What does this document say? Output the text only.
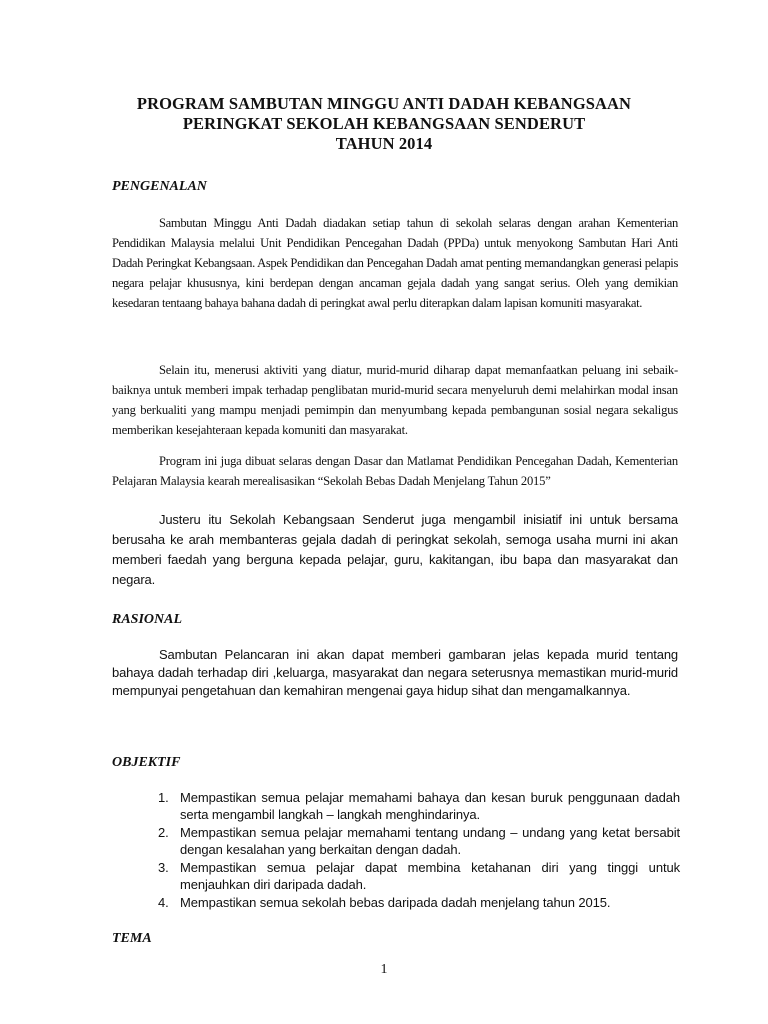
PROGRAM SAMBUTAN MINGGU ANTI DADAH KEBANGSAAN
PERINGKAT SEKOLAH KEBANGSAAN SENDERUT
TAHUN 2014
PENGENALAN

Sambutan Minggu Anti Dadah diadakan setiap tahun di sekolah selaras dengan arahan Kementerian Pendidikan Malaysia melalui Unit Pendidikan Pencegahan Dadah (PPDa) untuk menyokong Sambutan Hari Anti Dadah Peringkat Kebangsaan. Aspek Pendidikan dan Pencegahan Dadah amat penting memandangkan generasi pelapis negara pelajar khususnya, kini berdepan dengan ancaman gejala dadah yang sangat serius. Oleh yang demikian kesedaran tentaang bahaya bahana dadah di peringkat awal perlu diterapkan dalam lapisan komuniti masyarakat.

Selain itu, menerusi aktiviti yang diatur, murid-murid diharap dapat memanfaatkan peluang ini sebaik-baiknya untuk memberi impak terhadap penglibatan murid-murid secara menyeluruh demi melahirkan modal insan yang berkualiti yang mampu menjadi pemimpin dan menyumbang kepada pembangunan sosial negara sekaligus memberikan kesejahteraan kepada komuniti dan masyarakat.

Program ini juga dibuat selaras dengan Dasar dan Matlamat Pendidikan Pencegahan Dadah, Kementerian Pelajaran Malaysia kearah merealisasikan “Sekolah Bebas Dadah Menjelang Tahun 2015”

Justeru itu Sekolah Kebangsaan Senderut juga mengambil inisiatif ini untuk bersama berusaha ke arah membanteras gejala dadah di peringkat sekolah, semoga usaha murni ini akan memberi faedah yang berguna kepada pelajar, guru, kakitangan, ibu bapa dan masyarakat dan negara.

RASIONAL

Sambutan Pelancaran ini akan dapat memberi gambaran jelas kepada murid tentang bahaya dadah terhadap diri ,keluarga, masyarakat dan negara seterusnya memastikan murid-murid mempunyai pengetahuan dan kemahiran mengenai gaya hidup sihat dan mengamalkannya.

OBJEKTIF
1. Mempastikan semua pelajar memahami bahaya dan kesan buruk penggunaan dadah serta mengambil langkah – langkah menghindarinya.
2. Mempastikan semua pelajar memahami tentang undang – undang yang ketat bersabit dengan kesalahan yang berkaitan dengan dadah.
3. Mempastikan semua pelajar dapat membina ketahanan diri yang tinggi untuk menjauhkan diri daripada dadah.
4. Mempastikan semua sekolah bebas daripada dadah menjelang tahun 2015.
TEMA
1
